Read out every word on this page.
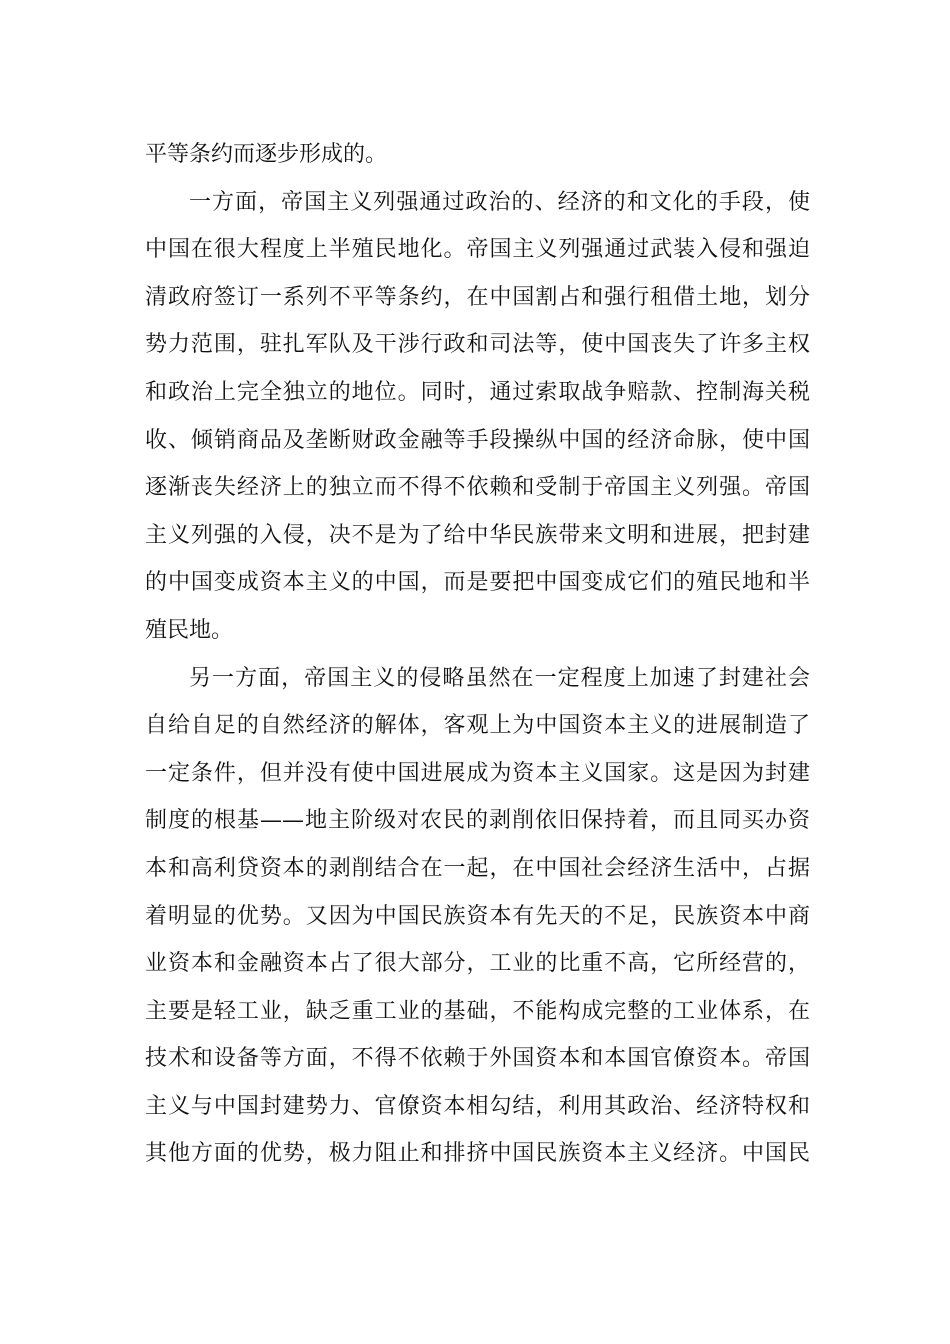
平等条约而逐步形成的。
一方面，帝国主义列强通过政治的、经济的和文化的手段，使
中国在很大程度上半殖民地化。帝国主义列强通过武装入侵和强迫
清政府签订一系列不平等条约，在中国割占和强行租借土地，划分
势力范围，驻扎军队及干涉行政和司法等，使中国丧失了许多主权
和政治上完全独立的地位。同时，通过索取战争赔款、控制海关税
收、倾销商品及垄断财政金融等手段操纵中国的经济命脉，使中国
逐渐丧失经济上的独立而不得不依赖和受制于帝国主义列强。帝国
主义列强的入侵，决不是为了给中华民族带来文明和进展，把封建
的中国变成资本主义的中国，而是要把中国变成它们的殖民地和半
殖民地。
另一方面，帝国主义的侵略虽然在一定程度上加速了封建社会
自给自足的自然经济的解体，客观上为中国资本主义的进展制造了
一定条件，但并没有使中国进展成为资本主义国家。这是因为封建
制度的根基——地主阶级对农民的剥削依旧保持着，而且同买办资
本和高利贷资本的剥削结合在一起，在中国社会经济生活中，占据
着明显的优势。又因为中国民族资本有先天的不足，民族资本中商
业资本和金融资本占了很大部分，工业的比重不高，它所经营的，
主要是轻工业，缺乏重工业的基础，不能构成完整的工业体系，在
技术和设备等方面，不得不依赖于外国资本和本国官僚资本。帝国
主义与中国封建势力、官僚资本相勾结，利用其政治、经济特权和
其他方面的优势，极力阻止和排挤中国民族资本主义经济。中国民
